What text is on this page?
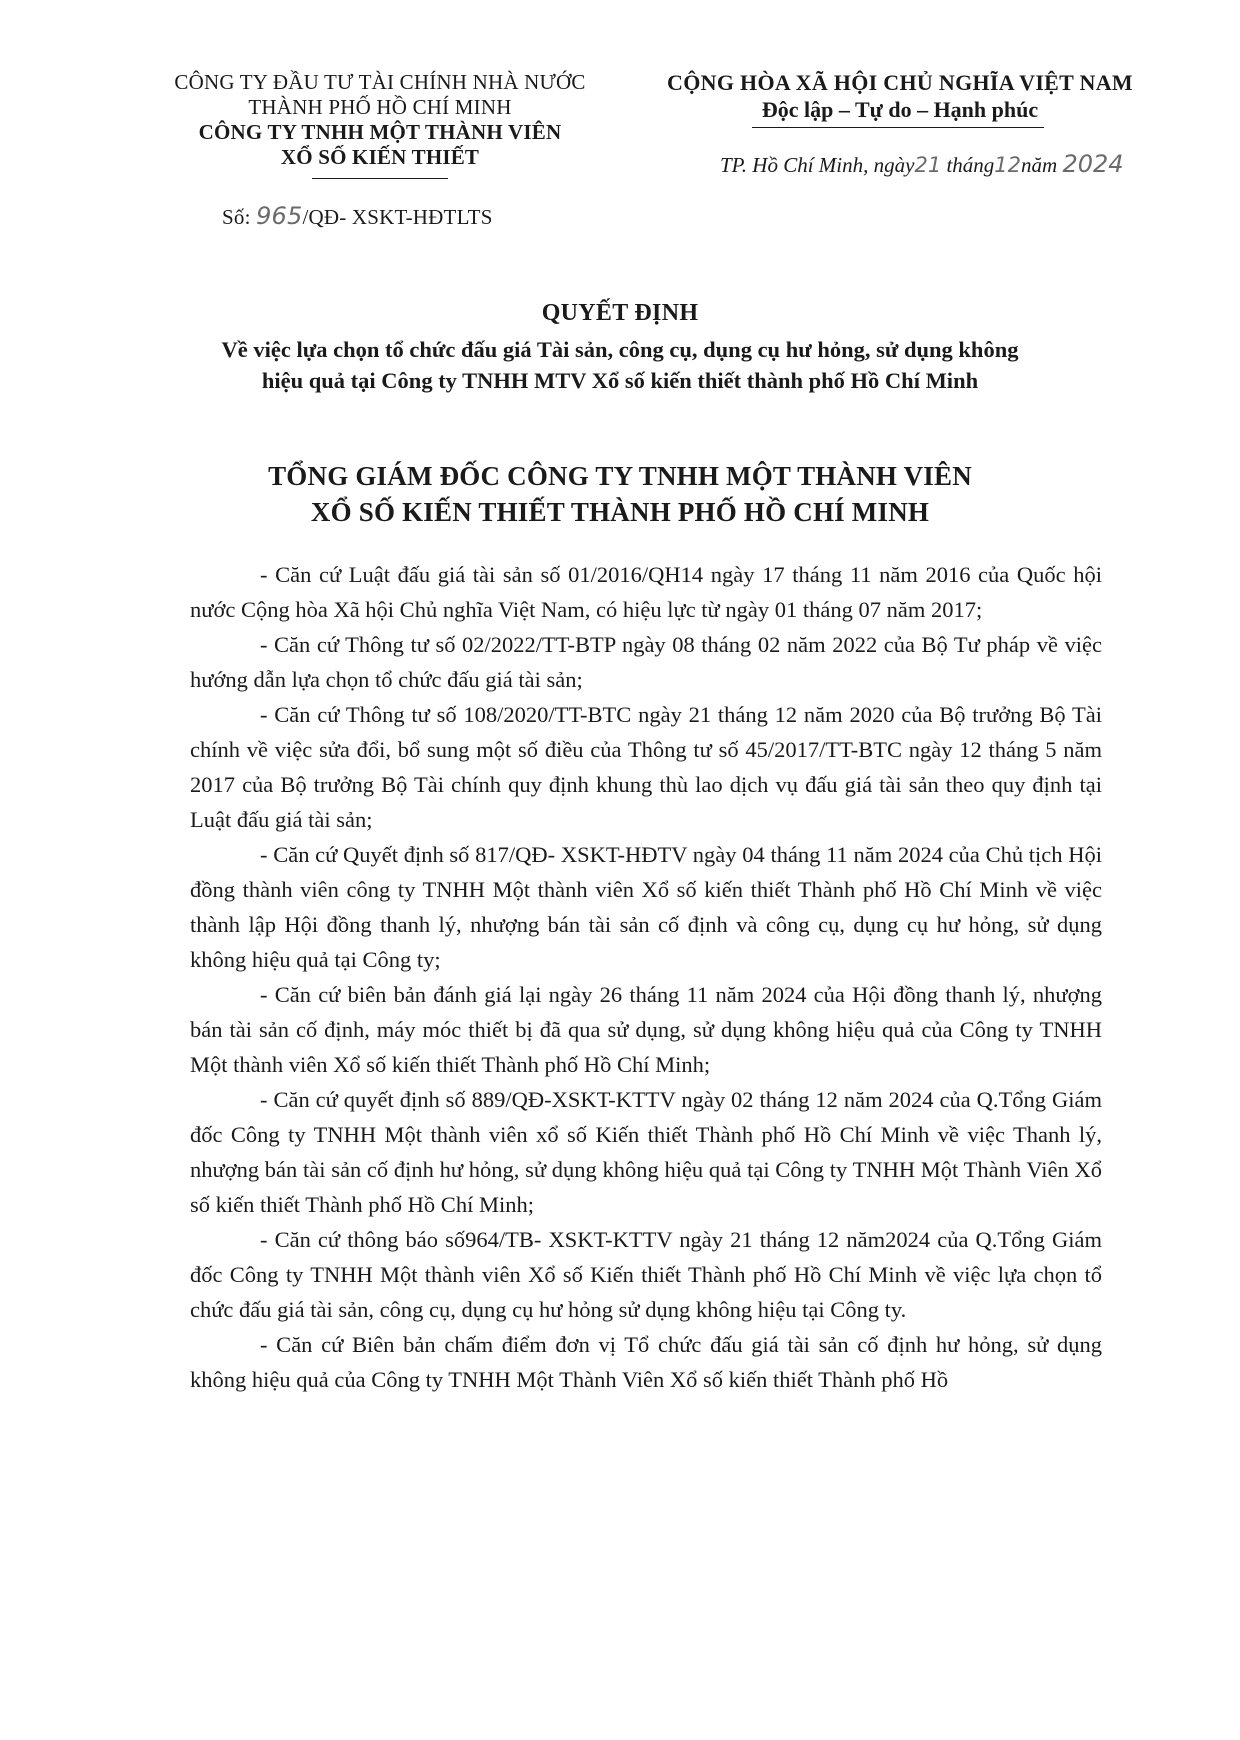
CÔNG TY ĐẦU TƯ TÀI CHÍNH NHÀ NƯỚC
THÀNH PHỐ HỒ CHÍ MINH
CÔNG TY TNHH MỘT THÀNH VIÊN
XỔ SỐ KIẾN THIẾT
Số: 965/QĐ- XSKT-HĐTLTS
CỘNG HÒA XÃ HỘI CHỦ NGHĨA VIỆT NAM
Độc lập – Tự do – Hạnh phúc
TP. Hồ Chí Minh, ngày21 tháng12năm 2024
QUYẾT ĐỊNH
Về việc lựa chọn tổ chức đấu giá Tài sản, công cụ, dụng cụ hư hỏng, sử dụng không
hiệu quả tại Công ty TNHH MTV Xổ số kiến thiết thành phố Hồ Chí Minh
TỔNG GIÁM ĐỐC CÔNG TY TNHH MỘT THÀNH VIÊN
XỔ SỐ KIẾN THIẾT THÀNH PHỐ HỒ CHÍ MINH

- Căn cứ Luật đấu giá tài sản số 01/2016/QH14 ngày 17 tháng 11 năm 2016 của Quốc hội nước Cộng hòa Xã hội Chủ nghĩa Việt Nam, có hiệu lực từ ngày 01 tháng 07 năm 2017;

- Căn cứ Thông tư số 02/2022/TT-BTP ngày 08 tháng 02 năm 2022 của Bộ Tư pháp về việc hướng dẫn lựa chọn tổ chức đấu giá tài sản;

- Căn cứ Thông tư số 108/2020/TT-BTC ngày 21 tháng 12 năm 2020 của Bộ trưởng Bộ Tài chính về việc sửa đổi, bổ sung một số điều của Thông tư số 45/2017/TT-BTC ngày 12 tháng 5 năm 2017 của Bộ trưởng Bộ Tài chính quy định khung thù lao dịch vụ đấu giá tài sản theo quy định tại Luật đấu giá tài sản;

- Căn cứ Quyết định số 817/QĐ- XSKT-HĐTV ngày 04 tháng 11 năm 2024 của Chủ tịch Hội đồng thành viên công ty TNHH Một thành viên Xổ số kiến thiết Thành phố Hồ Chí Minh về việc thành lập Hội đồng thanh lý, nhượng bán tài sản cố định và công cụ, dụng cụ hư hỏng, sử dụng không hiệu quả tại Công ty;

- Căn cứ biên bản đánh giá lại ngày 26 tháng 11 năm 2024 của Hội đồng thanh lý, nhượng bán tài sản cố định, máy móc thiết bị đã qua sử dụng, sử dụng không hiệu quả của Công ty TNHH Một thành viên Xổ số kiến thiết Thành phố Hồ Chí Minh;

- Căn cứ quyết định số 889/QĐ-XSKT-KTTV ngày 02 tháng 12 năm 2024 của Q.Tổng Giám đốc Công ty TNHH Một thành viên xổ số Kiến thiết Thành phố Hồ Chí Minh về việc Thanh lý, nhượng bán tài sản cố định hư hỏng, sử dụng không hiệu quả tại Công ty TNHH Một Thành Viên Xổ số kiến thiết Thành phố Hồ Chí Minh;

- Căn cứ thông báo số964/TB- XSKT-KTTV ngày 21 tháng 12 năm2024 của Q.Tổng Giám đốc Công ty TNHH Một thành viên Xổ số Kiến thiết Thành phố Hồ Chí Minh về việc lựa chọn tổ chức đấu giá tài sản, công cụ, dụng cụ hư hỏng sử dụng không hiệu tại Công ty.

- Căn cứ Biên bản chấm điểm đơn vị Tổ chức đấu giá tài sản cố định hư hỏng, sử dụng không hiệu quả của Công ty TNHH Một Thành Viên Xổ số kiến thiết Thành phố Hồ
